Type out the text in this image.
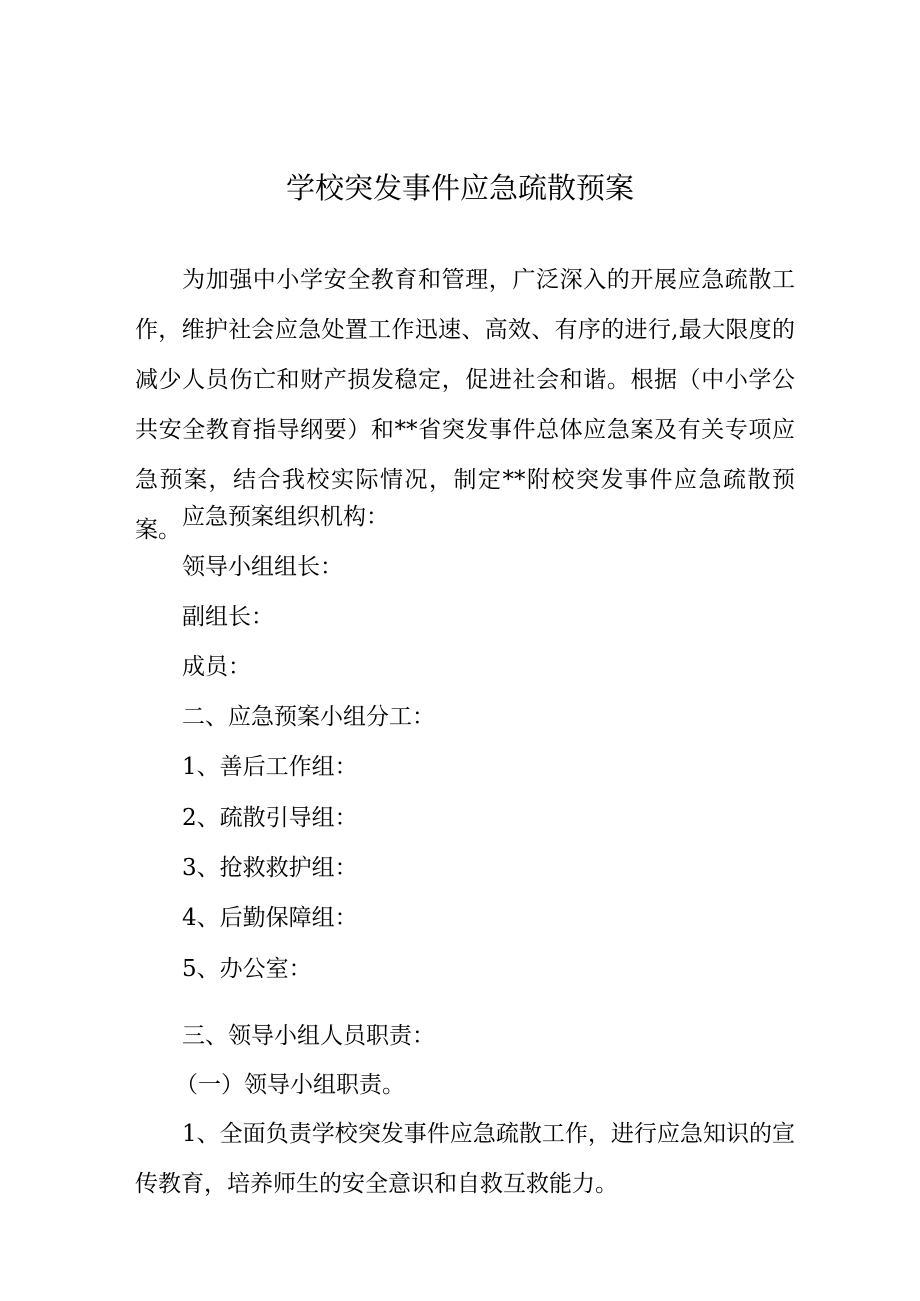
学校突发事件应急疏散预案

为加强中小学安全教育和管理，广泛深入的开展应急疏散工作，维护社会应急处置工作迅速、高效、有序的进行,最大限度的减少人员伤亡和财产损发稳定，促进社会和谐。根据（中小学公共安全教育指导纲要）和**省突发事件总体应急案及有关专项应急预案，结合我校实际情况，制定**附校突发事件应急疏散预案。 应急预案组织机构：

领导小组组长：

副组长：

成员：

二、应急预案小组分工：

1、善后工作组：

2、疏散引导组：

3、抢救救护组：

4、后勤保障组：

5、办公室：

三、领导小组人员职责：

（一）领导小组职责。

1、全面负责学校突发事件应急疏散工作，进行应急知识的宣传教育，培养师生的安全意识和自救互救能力。
